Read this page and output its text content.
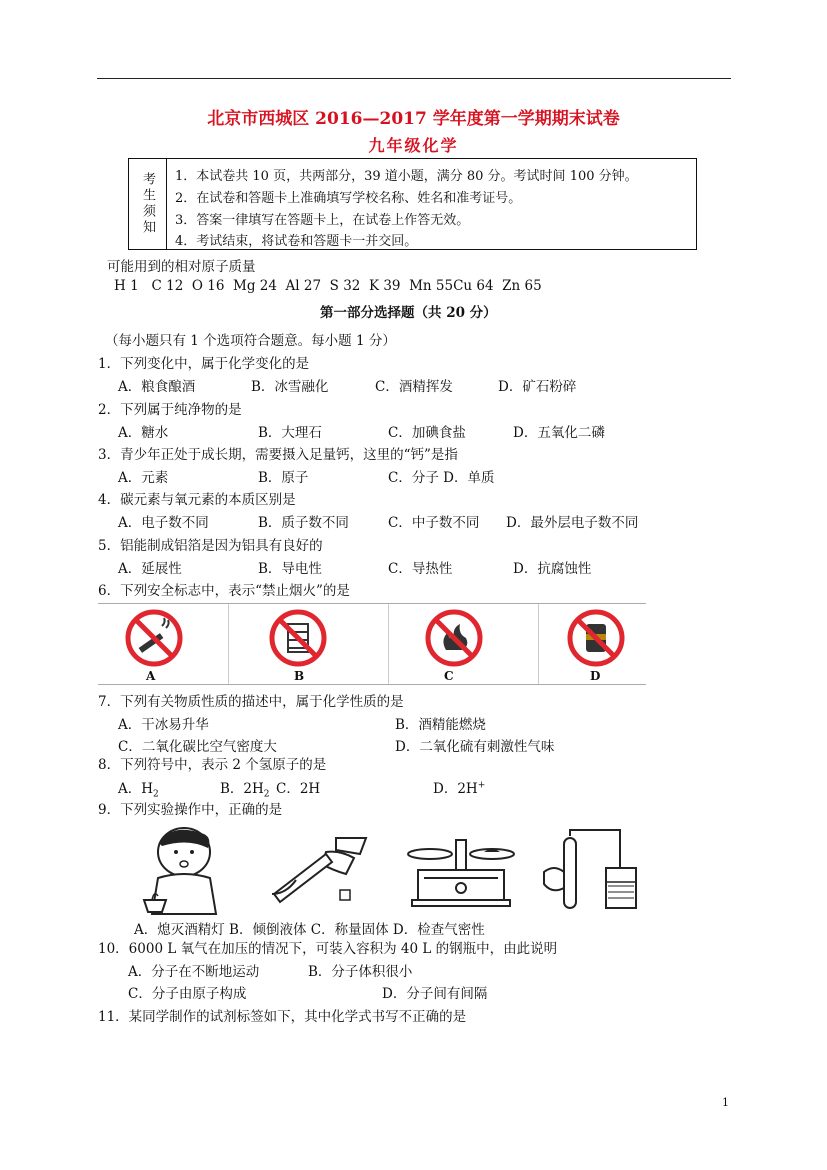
北京市西城区 2016—2017 学年度第一学期期末试卷
九年级化学
考生须知 1．本试卷共 10 页，共两部分，39 道小题，满分 80 分。考试时间 100 分钟。
2．在试卷和答题卡上准确填写学校名称、姓名和准考证号。
3．答案一律填写在答题卡上，在试卷上作答无效。
4．考试结束，将试卷和答题卡一并交回。
可能用到的相对原子质量
H 1   C 12  O 16  Mg 24  Al 27  S 32  K 39  Mn 55Cu 64  Zn 65
第一部分选择题（共 20 分）
（每小题只有 1 个选项符合题意。每小题 1 分）
1．下列变化中，属于化学变化的是
A．粮食酿酒	B．冰雪融化	C．酒精挥发	D．矿石粉碎
2．下列属于纯净物的是
A．糖水	B．大理石	C．加碘食盐	D．五氧化二磷
3．青少年正处于成长期，需要摄入足量钙，这里的“钙”是指
A．元素	B．原子	C．分子 D．单质
4．碳元素与氧元素的本质区别是
A．电子数不同	B．质子数不同	C．中子数不同 D．最外层电子数不同
5．铝能制成铝箔是因为铝具有良好的
A．延展性	B．导电性	C．导热性	D．抗腐蚀性
6．下列安全标志中，表示“禁止烟火”的是
A	B	C	D
7．下列有关物质性质的描述中，属于化学性质的是
A．干冰易升华	B．酒精能燃烧
C．二氧化碳比空气密度大	D．二氧化硫有刺激性气味
8．下列符号中，表示 2 个氢原子的是
A．$H_2$	B．$2H_2$ C．2H	D．2H+
9．下列实验操作中，正确的是
A．熄灭酒精灯 B．倾倒液体 C．称量固体 D．检查气密性
10．6000 L 氧气在加压的情况下，可装入容积为 40 L 的钢瓶中，由此说明
A．分子在不断地运动	B．分子体积很小
C．分子由原子构成	D．分子间有间隔
11．某同学制作的试剂标签如下，其中化学式书写不正确的是
1
